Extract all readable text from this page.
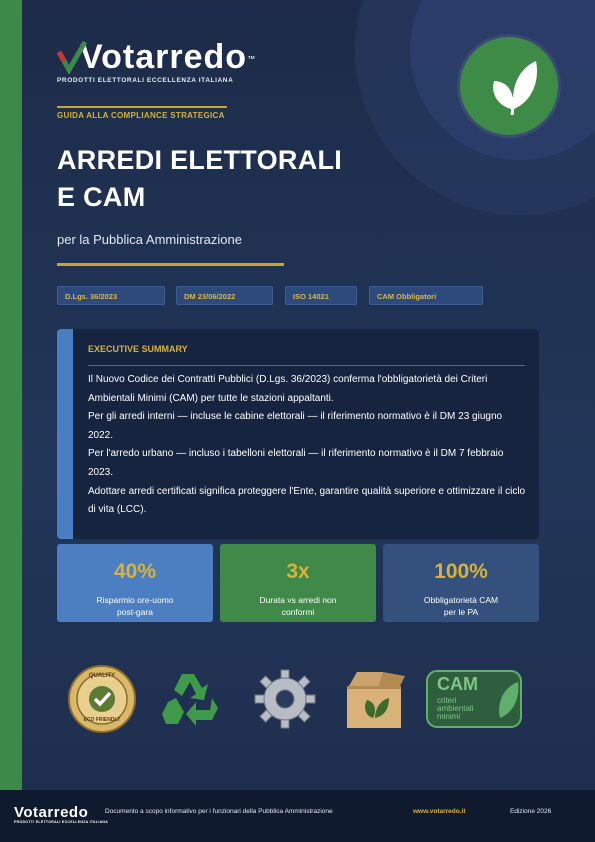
Votarredo™
PRODOTTI ELETTORALI ECCELLENZA ITALIANA
GUIDA ALLA COMPLIANCE STRATEGICA
ARREDI ELETTORALI
E CAM
per la Pubblica Amministrazione
D.Lgs. 36/2023	DM 23/06/2022	ISO 14021	CAM Obbligatori
EXECUTIVE SUMMARY

Il Nuovo Codice dei Contratti Pubblici (D.Lgs. 36/2023) conferma l'obbligatorietà dei Criteri Ambientali Minimi (CAM) per tutte le stazioni appaltanti.

Per gli arredi interni — incluse le cabine elettorali — il riferimento normativo è il DM 23 giugno 2022.

Per l'arredo urbano — incluso i tabelloni elettorali — il riferimento normativo è il DM 7 febbraio 2023.

Adottare arredi certificati significa proteggere l'Ente, garantire qualità superiore e ottimizzare il ciclo di vita (LCC).

40%
Risparmio ore-uomo
post-gara
3x
Durata vs arredi non
conformi
100%
Obbligatorietà CAM
per le PA
QUALITY
ECO FRIENDLY
CAM
criteri
ambientali
minimi
Votarredo
PRODOTTI ELETTORALI ECCELLENZA ITALIANA
Documento a scopo informativo per i funzionari della Pubblica Amministrazione	www.votarredo.it	Edizione 2026
